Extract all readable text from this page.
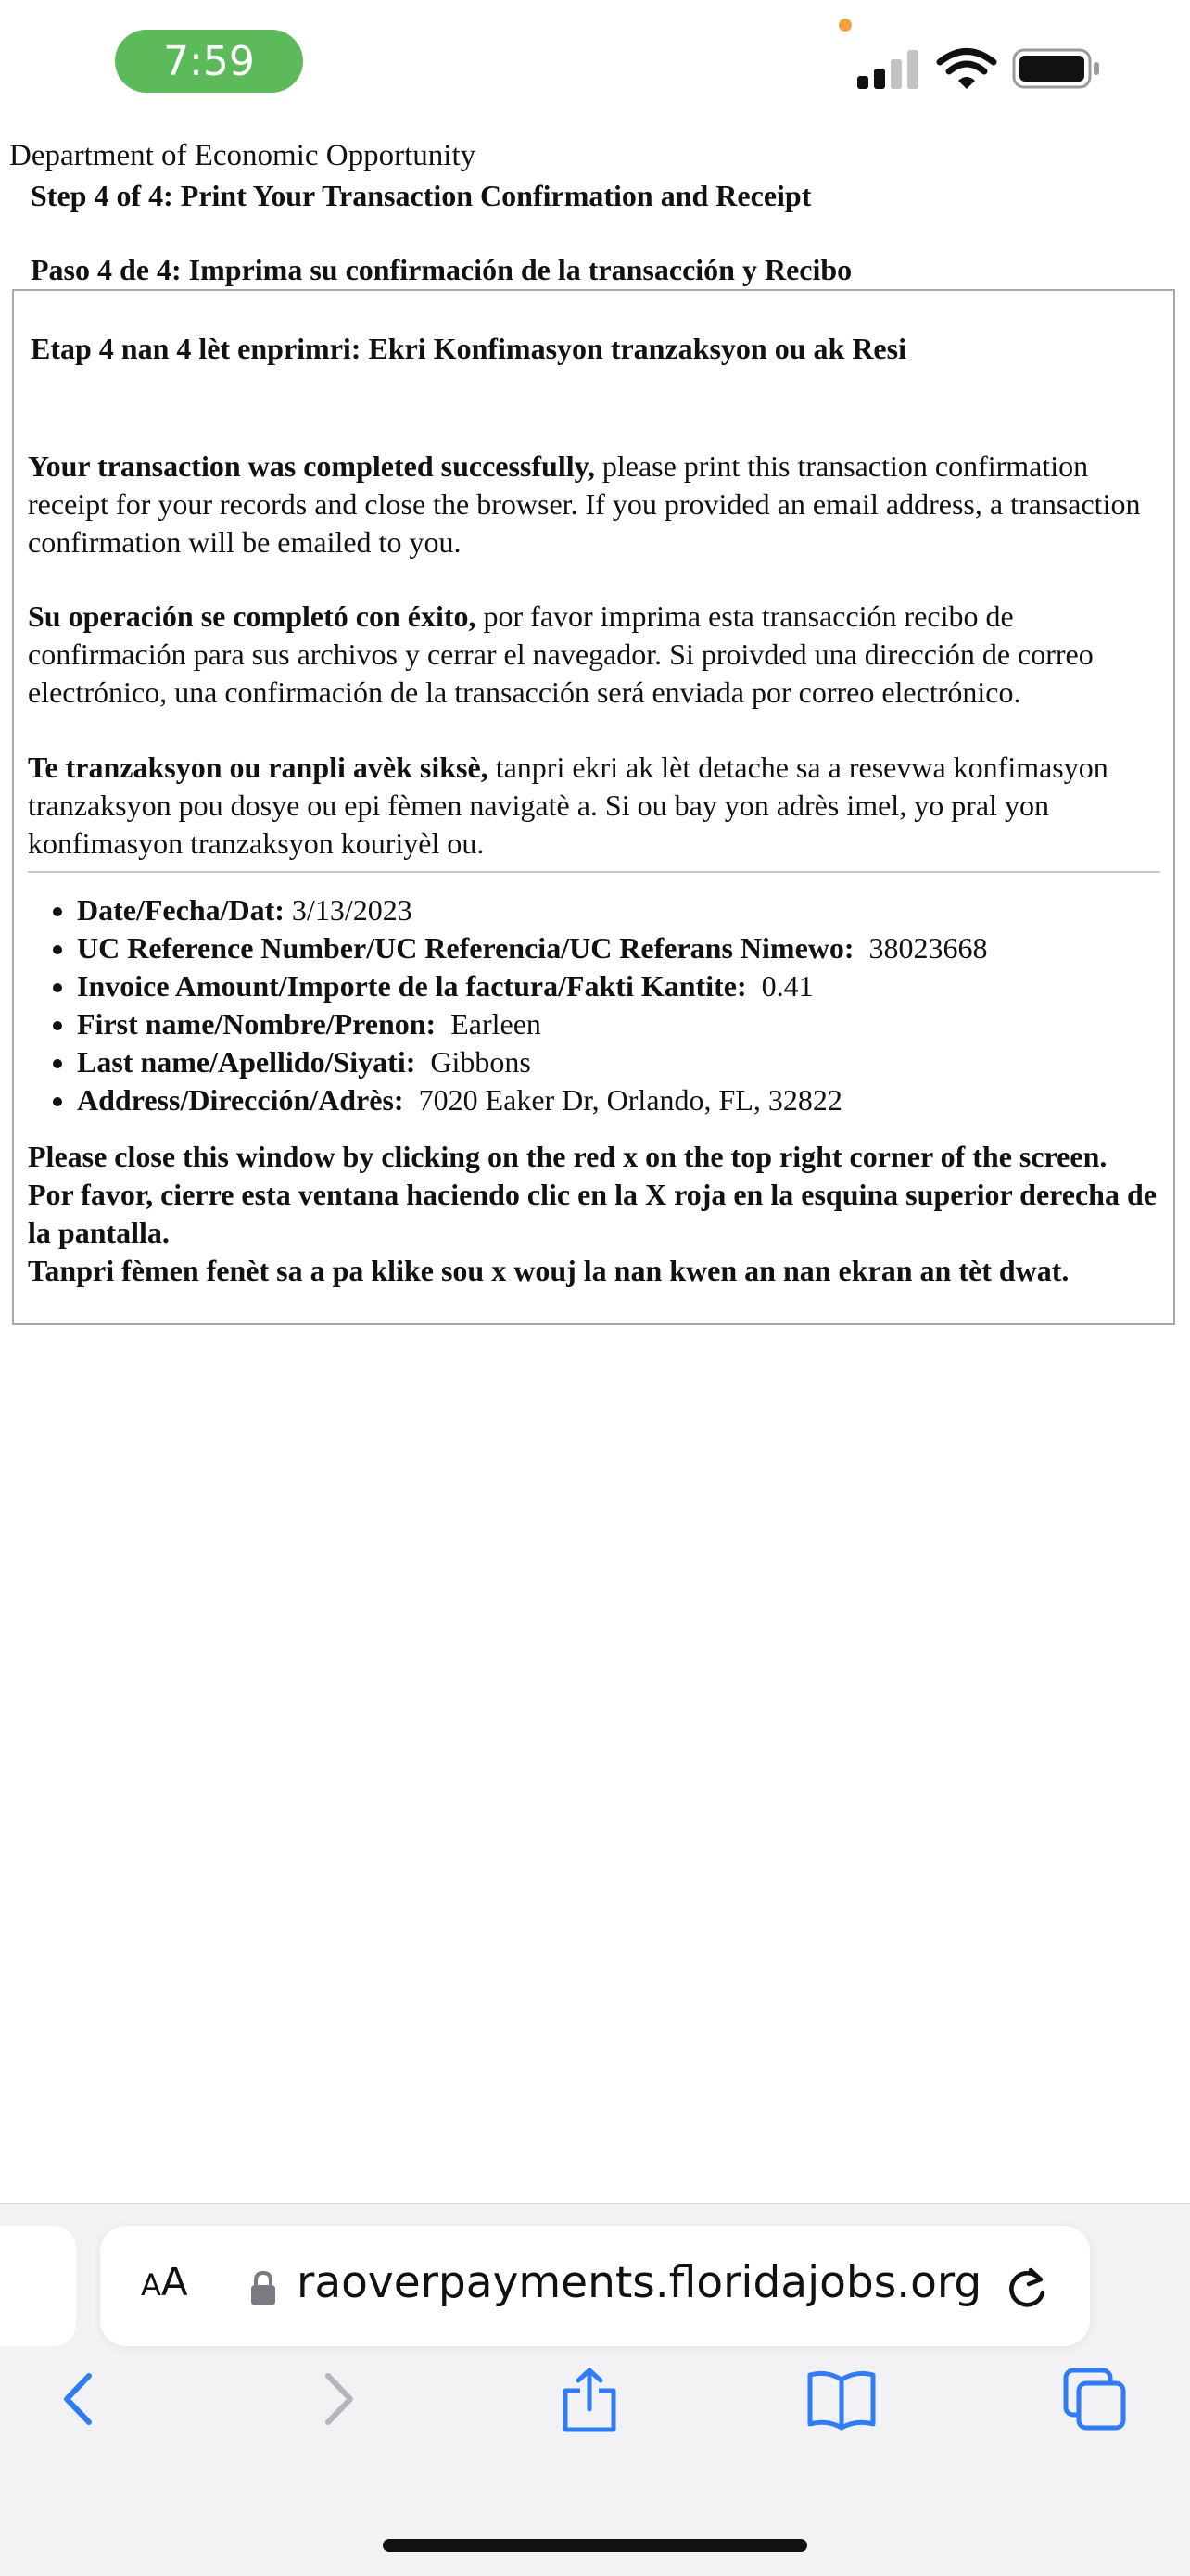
7:59
Department of Economic Opportunity
Step 4 of 4: Print Your Transaction Confirmation and Receipt
Paso 4 de 4: Imprima su confirmación de la transacción y Recibo
Etap 4 nan 4 lèt enprimri: Ekri Konfimasyon tranzaksyon ou ak Resi
Your transaction was completed successfully, please print this transaction confirmation receipt for your records and close the browser. If you provided an email address, a transaction confirmation will be emailed to you.
Su operación se completó con éxito, por favor imprima esta transacción recibo de confirmación para sus archivos y cerrar el navegador. Si proivded una dirección de correo electrónico, una confirmación de la transacción será enviada por correo electrónico.
Te tranzaksyon ou ranpli avèk siksè, tanpri ekri ak lèt detache sa a resevwa konfimasyon tranzaksyon pou dosye ou epi fèmen navigatè a. Si ou bay yon adrès imel, yo pral yon konfimasyon tranzaksyon kouriyèl ou.
• Date/Fecha/Dat: 3/13/2023
• UC Reference Number/UC Referencia/UC Referans Nimewo: 38023668
• Invoice Amount/Importe de la factura/Fakti Kantite: 0.41
• First name/Nombre/Prenon: Earleen
• Last name/Apellido/Siyati: Gibbons
• Address/Dirección/Adrès: 7020 Eaker Dr, Orlando, FL, 32822
Please close this window by clicking on the red x on the top right corner of the screen.
Por favor, cierre esta ventana haciendo clic en la X roja en la esquina superior derecha de la pantalla.
Tanpri fèmen fenèt sa a pa klike sou x wouj la nan kwen an nan ekran an tèt dwat.
AA raoverpayments.floridajobs.org
